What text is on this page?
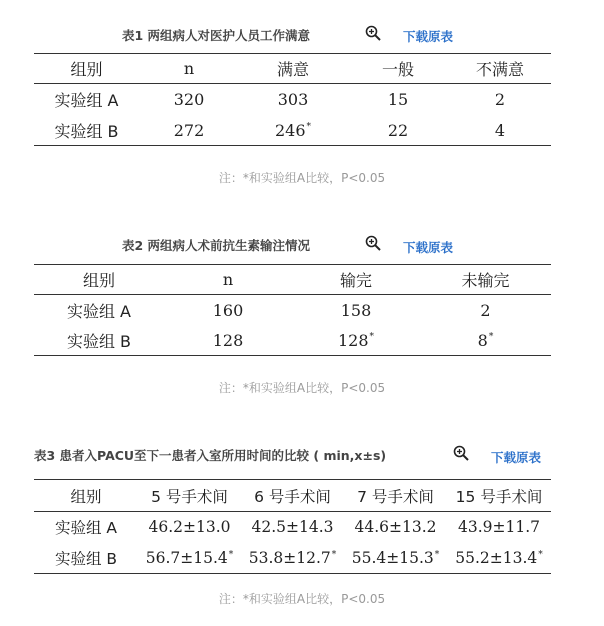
表1 两组病人对医护人员工作满意	下载原表
组别	n	满意	一般	不满意
实验组 A	320	303	15	2
实验组 B	272	246*	22	4
注：*和实验组A比较，P<0.05
表2 两组病人术前抗生素输注情况	下载原表
组别	n	输完	未输完
实验组 A	160	158	2
实验组 B	128	128*	8*
注：*和实验组A比较，P<0.05
表3 患者入PACU至下一患者入室所用时间的比较 ( min,x±s)	下载原表
组别	5 号手术间	6 号手术间	7 号手术间	15 号手术间
实验组 A	46.2±13.0	42.5±14.3	44.6±13.2	43.9±11.7
实验组 B	56.7±15.4*	53.8±12.7*	55.4±15.3*	55.2±13.4*
注：*和实验组A比较，P<0.05
